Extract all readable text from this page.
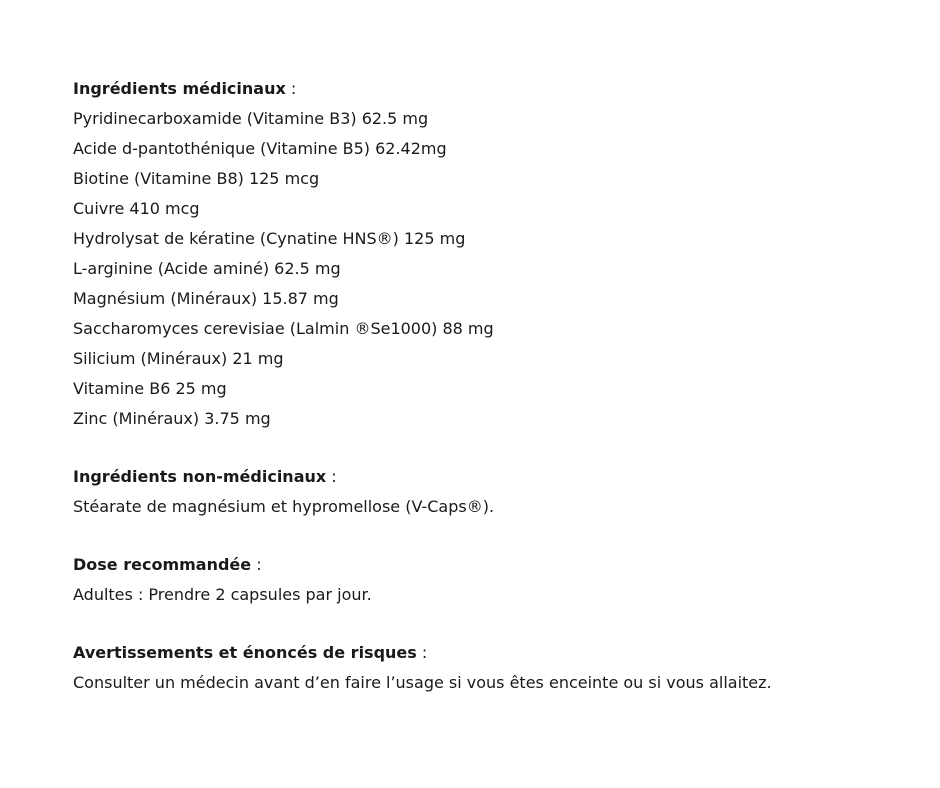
Ingrédients médicinaux :
Pyridinecarboxamide (Vitamine B3) 62.5 mg
Acide d-pantothénique (Vitamine B5) 62.42mg
Biotine (Vitamine B8) 125 mcg
Cuivre 410 mcg
Hydrolysat de kératine (Cynatine HNS®) 125 mg
L-arginine (Acide aminé) 62.5 mg
Magnésium (Minéraux) 15.87 mg
Saccharomyces cerevisiae (Lalmin ®Se1000) 88 mg
Silicium (Minéraux) 21 mg
Vitamine B6 25 mg
Zinc (Minéraux) 3.75 mg
Ingrédients non-médicinaux :
Stéarate de magnésium et hypromellose (V-Caps®).
Dose recommandée :
Adultes : Prendre 2 capsules par jour.
Avertissements et énoncés de risques :
Consulter un médecin avant d’en faire l’usage si vous êtes enceinte ou si vous allaitez.
